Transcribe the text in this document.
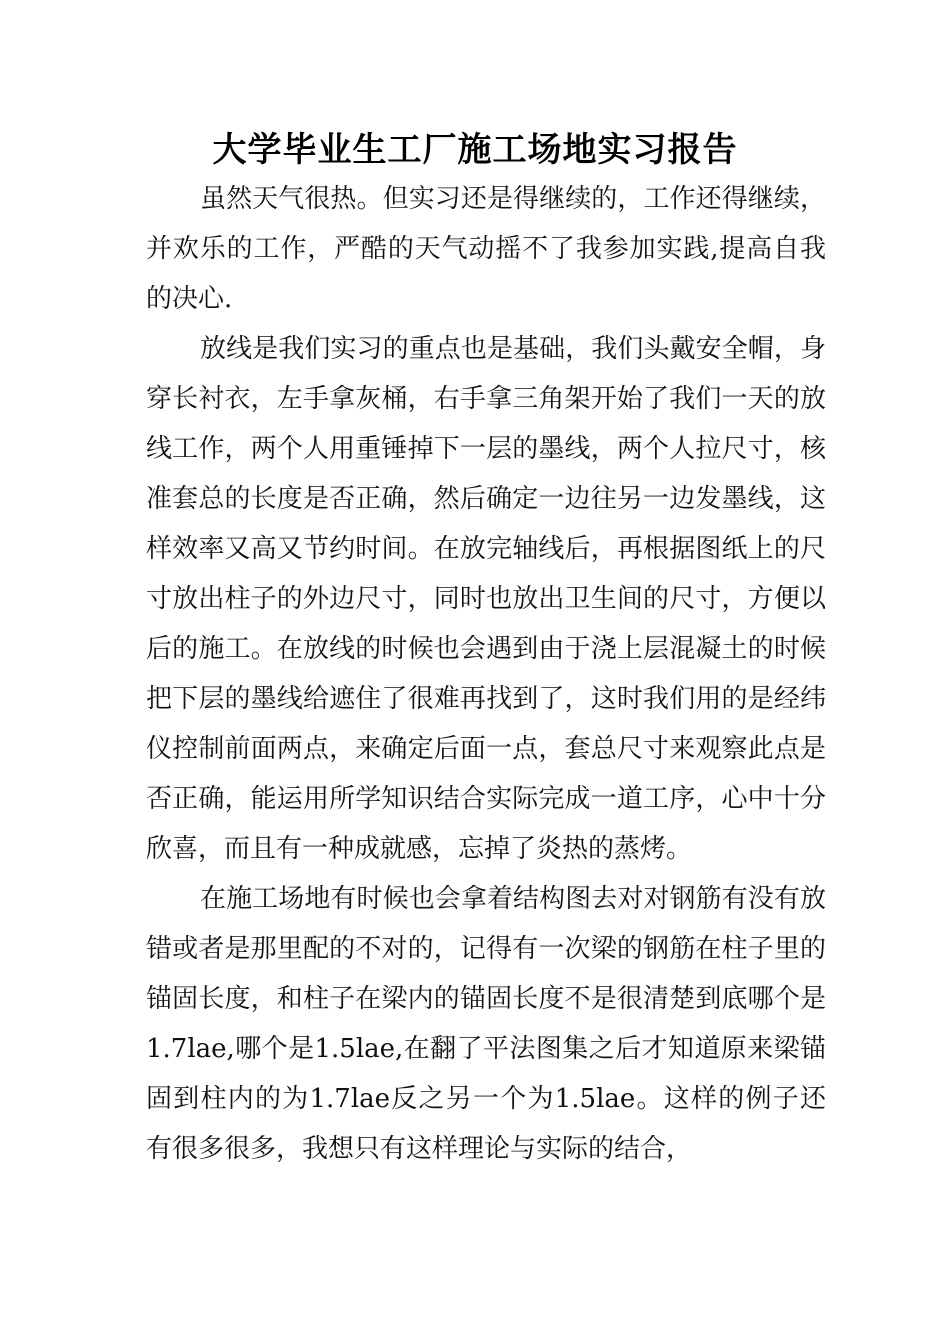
大学毕业生工厂施工场地实习报告

虽然天气很热。但实习还是得继续的，工作还得继续，并欢乐的工作，严酷的天气动摇不了我参加实践,提高自我的决心.

放线是我们实习的重点也是基础，我们头戴安全帽，身穿长衬衣，左手拿灰桶，右手拿三角架开始了我们一天的放线工作，两个人用重锤掉下一层的墨线，两个人拉尺寸，核准套总的长度是否正确，然后确定一边往另一边发墨线，这样效率又高又节约时间。在放完轴线后，再根据图纸上的尺寸放出柱子的外边尺寸，同时也放出卫生间的尺寸，方便以后的施工。在放线的时候也会遇到由于浇上层混凝土的时候把下层的墨线给遮住了很难再找到了，这时我们用的是经纬仪控制前面两点，来确定后面一点，套总尺寸来观察此点是否正确，能运用所学知识结合实际完成一道工序，心中十分欣喜，而且有一种成就感，忘掉了炎热的蒸烤。

在施工场地有时候也会拿着结构图去对对钢筋有没有放错或者是那里配的不对的，记得有一次梁的钢筋在柱子里的锚固长度，和柱子在梁内的锚固长度不是很清楚到底哪个是1.7lae,哪个是1.5lae,在翻了平法图集之后才知道原来梁锚固到柱内的为1.7lae反之另一个为1.5lae。这样的例子还有很多很多，我想只有这样理论与实际的结合，
